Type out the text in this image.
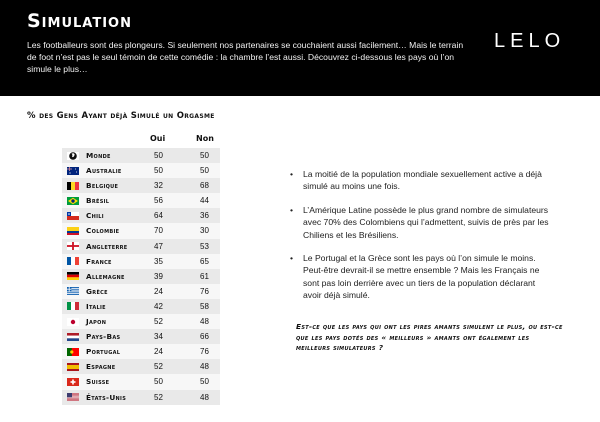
Simulation
Les footballeurs sont des plongeurs. Si seulement nos partenaires se couchaient aussi facilement… Mais le terrain de foot n’est pas le seul témoin de cette comédie : la chambre l’est aussi. Découvrez ci-dessous les pays où l’on simule le plus…
LELO
% des Gens Ayant déjà Simulé un Orgasme
Oui	Non
Monde	50	50
Australie	50	50
Belgique	32	68
Brésil	56	44
Chili	64	36
Colombie	70	30
Angleterre	47	53
France	35	65
Allemagne	39	61
Grèce	24	76
Italie	42	58
Japon	52	48
Pays-Bas	34	66
Portugal	24	76
Espagne	52	48
Suisse	50	50
États-Unis	52	48
• La moitié de la population mondiale sexuellement active a déjà simulé au moins une fois.
• L’Amérique Latine possède le plus grand nombre de simulateurs avec 70% des Colombiens qui l’admettent, suivis de près par les Chiliens et les Brésiliens.
• Le Portugal et la Grèce sont les pays où l’on simule le moins. Peut-être devrait-il se mettre ensemble ? Mais les Français ne sont pas loin derrière avec un tiers de la population déclarant avoir déjà simulé.
Est-ce que les pays qui ont les pires amants simulent le plus, ou est-ce que les pays dotés des « meilleurs » amants ont également les meilleurs simulateurs ?
